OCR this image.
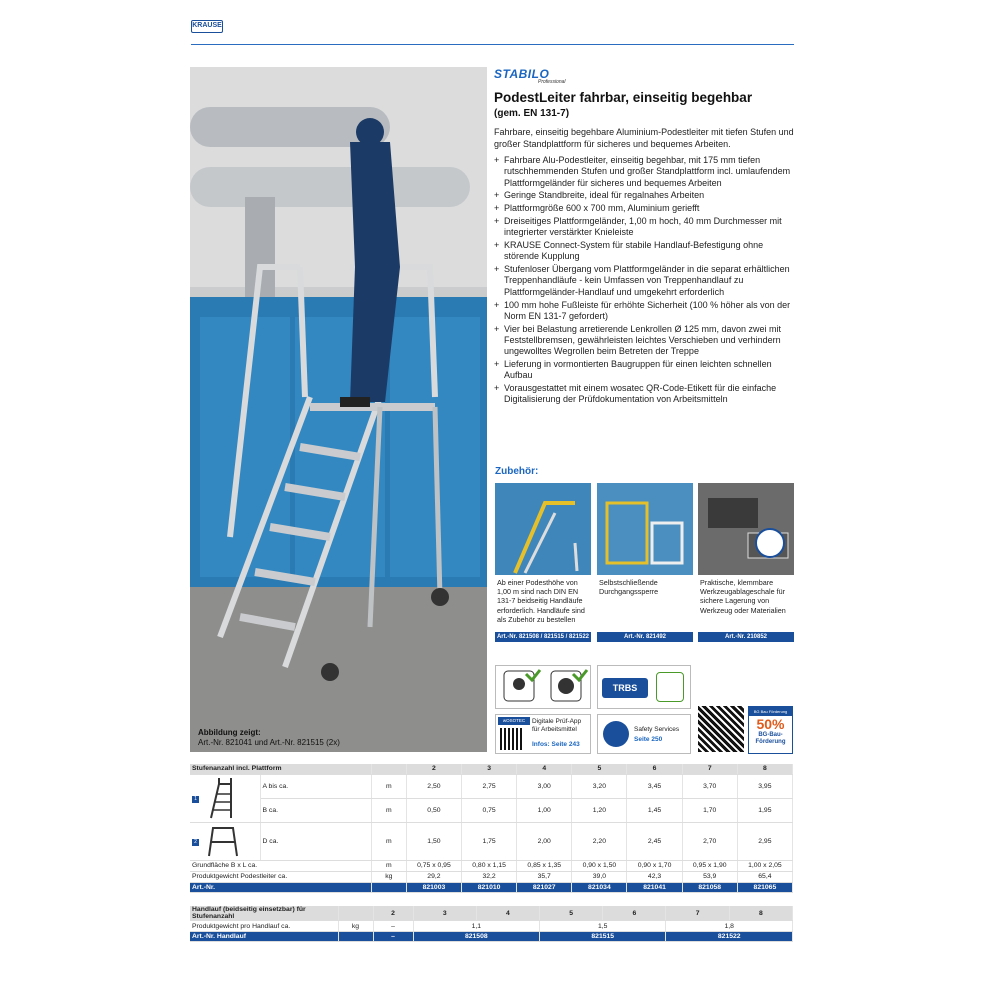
KRAUSE
Abbildung zeigt:
Art.-Nr. 821041 und Art.-Nr. 821515 (2x)
STABILO
Professional
PodestLeiter fahrbar, einseitig begehbar
(gem. EN 131-7)
Fahrbare, einseitig begehbare Aluminium-Podestleiter mit tiefen Stufen und großer Standplattform für sicheres und bequemes Arbeiten.
+ Fahrbare Alu-Podestleiter, einseitig begehbar, mit 175 mm tiefen rutschhemmenden Stufen und großer Standplattform incl. umlaufendem Plattformgeländer für sicheres und bequemes Arbeiten
+ Geringe Standbreite, ideal für regalnahes Arbeiten
+ Plattformgröße 600 x 700 mm, Aluminium geriefft
+ Dreiseitiges Plattformgeländer, 1,00 m hoch, 40 mm Durchmesser mit integrierter verstärkter Knieleiste
+ KRAUSE Connect-System für stabile Handlauf-Befestigung ohne störende Kupplung
+ Stufenloser Übergang vom Plattformgeländer in die separat erhältlichen Treppenhandläufe - kein Umfassen von Treppenhandlauf zu Plattformgeländer-Handlauf und umgekehrt erforderlich
+ 100 mm hohe Fußleiste für erhöhte Sicherheit (100 % höher als von der Norm EN 131-7 gefordert)
+ Vier bei Belastung arretierende Lenkrollen Ø 125 mm, davon zwei mit Feststellbremsen, gewährleisten leichtes Verschieben und verhindern ungewolltes Wegrollen beim Betreten der Treppe
+ Lieferung in vormontierten Baugruppen für einen leichten schnellen Aufbau
+ Vorausgestattet mit einem wosatec QR-Code-Etikett für die einfache Digitalisierung der Prüfdokumentation von Arbeitsmitteln
Zubehör:
Ab einer Podesthöhe von 1,00 m sind nach DIN EN 131-7 beidseitig Handläufe erforderlich. Handläufe sind als Zubehör zu bestellen
Art.-Nr. 821508 / 821515 / 821522
Selbstschließende Durchgangssperre
Art.-Nr. 821492
Praktische, klemmbare Werkzeugablageschale für sichere Lagerung von Werkzeug oder Materialien
Art.-Nr. 210852
TRBS
wOSOTEC	Digitale Prüf-App für Arbeitsmittel
Infos: Seite 243
Safety Services
Seite 250
BG Bau Förderung
50%
BG-Bau-Förderung
Stufenanzahl incl. Plattform			2	3	4	5	6	7	8
1	A bis ca.	m	2,50	2,75	3,00	3,20	3,45	3,70	3,95
	B ca.	m	0,50	0,75	1,00	1,20	1,45	1,70	1,95
2	D ca.	m	1,50	1,75	2,00	2,20	2,45	2,70	2,95
Grundfläche B x L ca.		m	0,75 x 0,95	0,80 x 1,15	0,85 x 1,35	0,90 x 1,50	0,90 x 1,70	0,95 x 1,90	1,00 x 2,05
Produktgewicht Podestleiter ca.		kg	29,2	32,2	35,7	39,0	42,3	53,9	65,4
Art.-Nr.			821003	821010	821027	821034	821041	821058	821065
Handlauf (beidseitig einsetzbar) für Stufenanzahl		2	3	4	5	6	7	8
Produktgewicht pro Handlauf ca.	kg	–	1,1		1,5		1,8	
Art.-Nr. Handlauf		–	821508		821515		821522	
